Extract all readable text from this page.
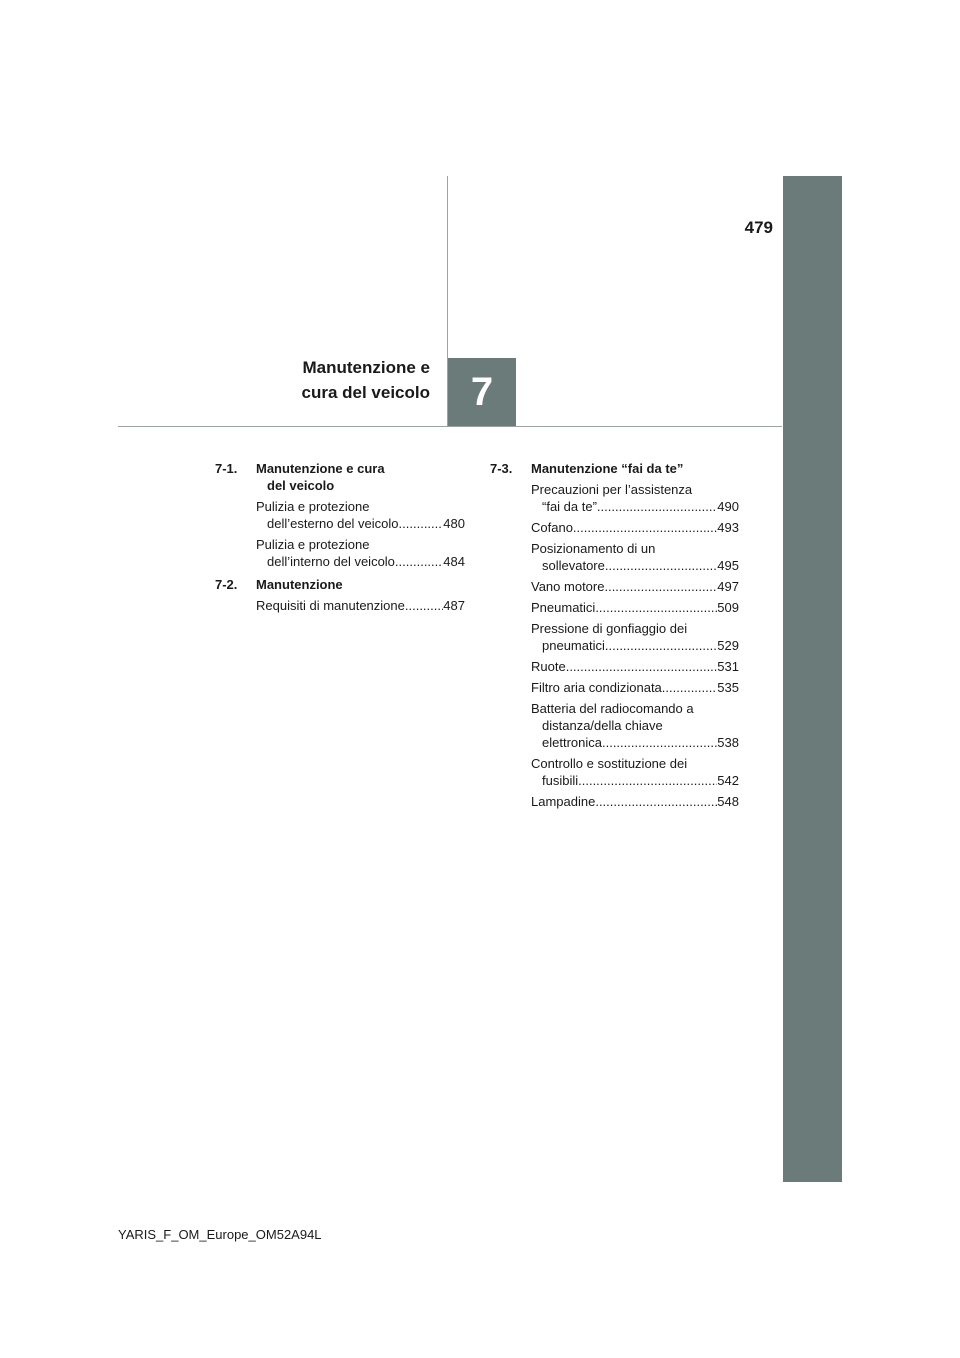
479
Manutenzione e
cura del veicolo 7
7-1.	Manutenzione e cura
del veicolo
Pulizia e protezione
dell’esterno del veicolo .....	480
Pulizia e protezione
dell’interno del veicolo .....	484
7-2.	Manutenzione
Requisiti di manutenzione .....	487
7-3.	Manutenzione “fai da te”
Precauzioni per l’assistenza
“fai da te” .....	490
Cofano .....	493
Posizionamento di un
sollevatore .....	495
Vano motore .....	497
Pneumatici .....	509
Pressione di gonfiaggio dei
pneumatici .....	529
Ruote .....	531
Filtro aria condizionata .....	535
Batteria del radiocomando a
distanza/della chiave
elettronica .....	538
Controllo e sostituzione dei
fusibili .....	542
Lampadine .....	548
YARIS_F_OM_Europe_OM52A94L
